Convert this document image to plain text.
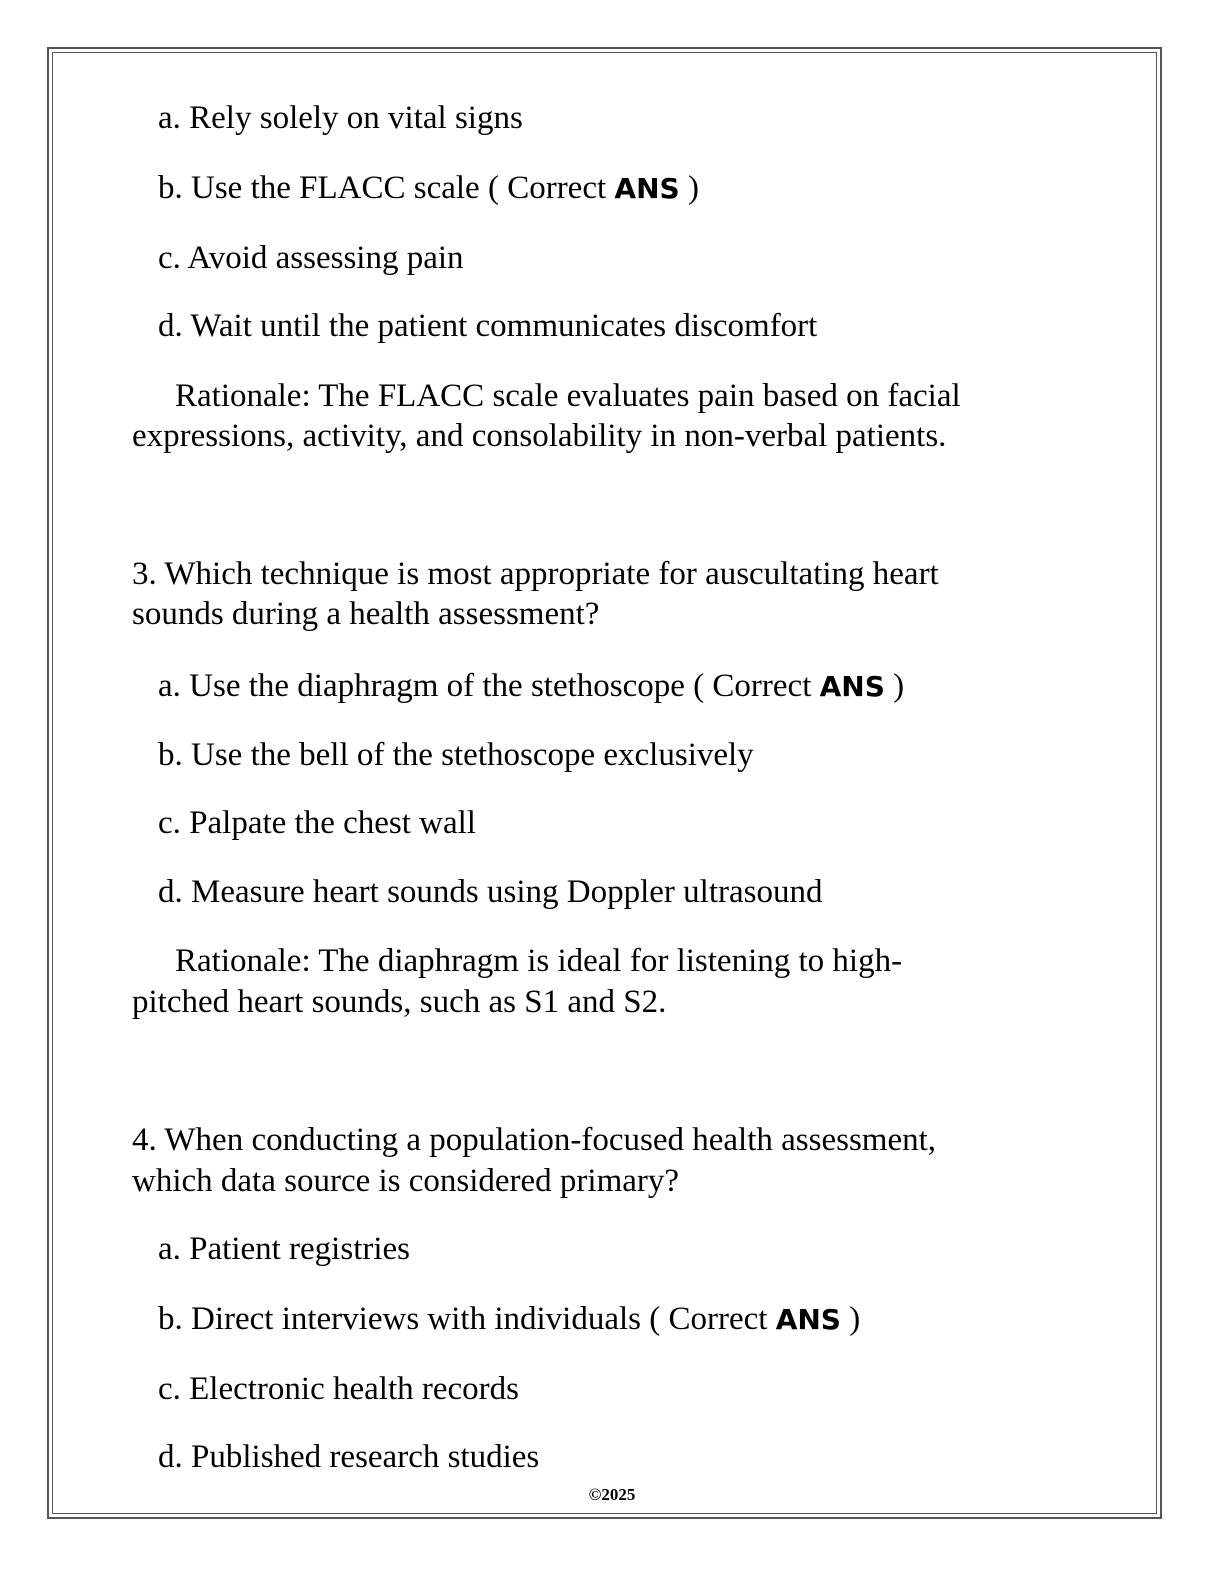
a. Rely solely on vital signs
b. Use the FLACC scale ( Correct ANS )
c. Avoid assessing pain
d. Wait until the patient communicates discomfort
Rationale: The FLACC scale evaluates pain based on facial
expressions, activity, and consolability in non-verbal patients.
3. Which technique is most appropriate for auscultating heart
sounds during a health assessment?
a. Use the diaphragm of the stethoscope ( Correct ANS )
b. Use the bell of the stethoscope exclusively
c. Palpate the chest wall
d. Measure heart sounds using Doppler ultrasound
Rationale: The diaphragm is ideal for listening to high-
pitched heart sounds, such as S1 and S2.
4. When conducting a population-focused health assessment,
which data source is considered primary?
a. Patient registries
b. Direct interviews with individuals ( Correct ANS )
c. Electronic health records
d. Published research studies
©2025
